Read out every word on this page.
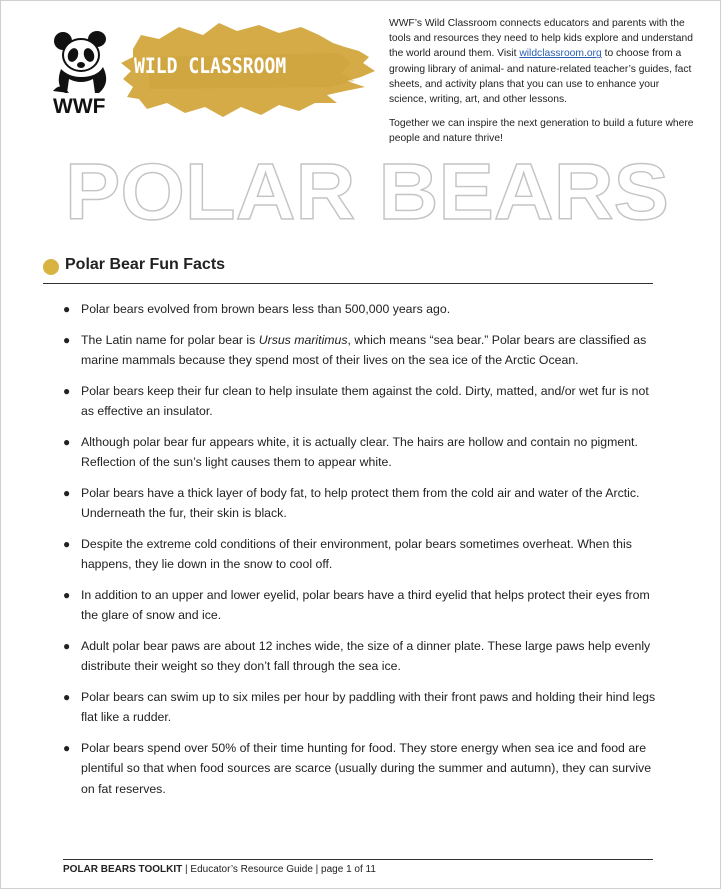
WWF
WILD CLASSROOM

WWF’s Wild Classroom connects educators and parents with the tools and resources they need to help kids explore and understand the world around them. Visit wildclassroom.org to choose from a growing library of animal- and nature-related teacher’s guides, fact sheets, and activity plans that you can use to enhance your science, writing, art, and other lessons.

Together we can inspire the next generation to build a future where people and nature thrive!

POLAR BEARS
Polar Bear Fun Facts
● Polar bears evolved from brown bears less than 500,000 years ago.
● The Latin name for polar bear is Ursus maritimus, which means “sea bear.” Polar bears are classified as marine mammals because they spend most of their lives on the sea ice of the Arctic Ocean.
● Polar bears keep their fur clean to help insulate them against the cold. Dirty, matted, and/or wet fur is not as effective an insulator.
● Although polar bear fur appears white, it is actually clear. The hairs are hollow and contain no pigment. Reflection of the sun’s light causes them to appear white.
● Polar bears have a thick layer of body fat, to help protect them from the cold air and water of the Arctic. Underneath the fur, their skin is black.
● Despite the extreme cold conditions of their environment, polar bears sometimes overheat. When this happens, they lie down in the snow to cool off.
● In addition to an upper and lower eyelid, polar bears have a third eyelid that helps protect their eyes from the glare of snow and ice.
● Adult polar bear paws are about 12 inches wide, the size of a dinner plate. These large paws help evenly distribute their weight so they don’t fall through the sea ice.
● Polar bears can swim up to six miles per hour by paddling with their front paws and holding their hind legs flat like a rudder.
● Polar bears spend over 50% of their time hunting for food. They store energy when sea ice and food are plentiful so that when food sources are scarce (usually during the summer and autumn), they can survive on fat reserves.
POLAR BEARS TOOLKIT | Educator’s Resource Guide | page 1 of 11
